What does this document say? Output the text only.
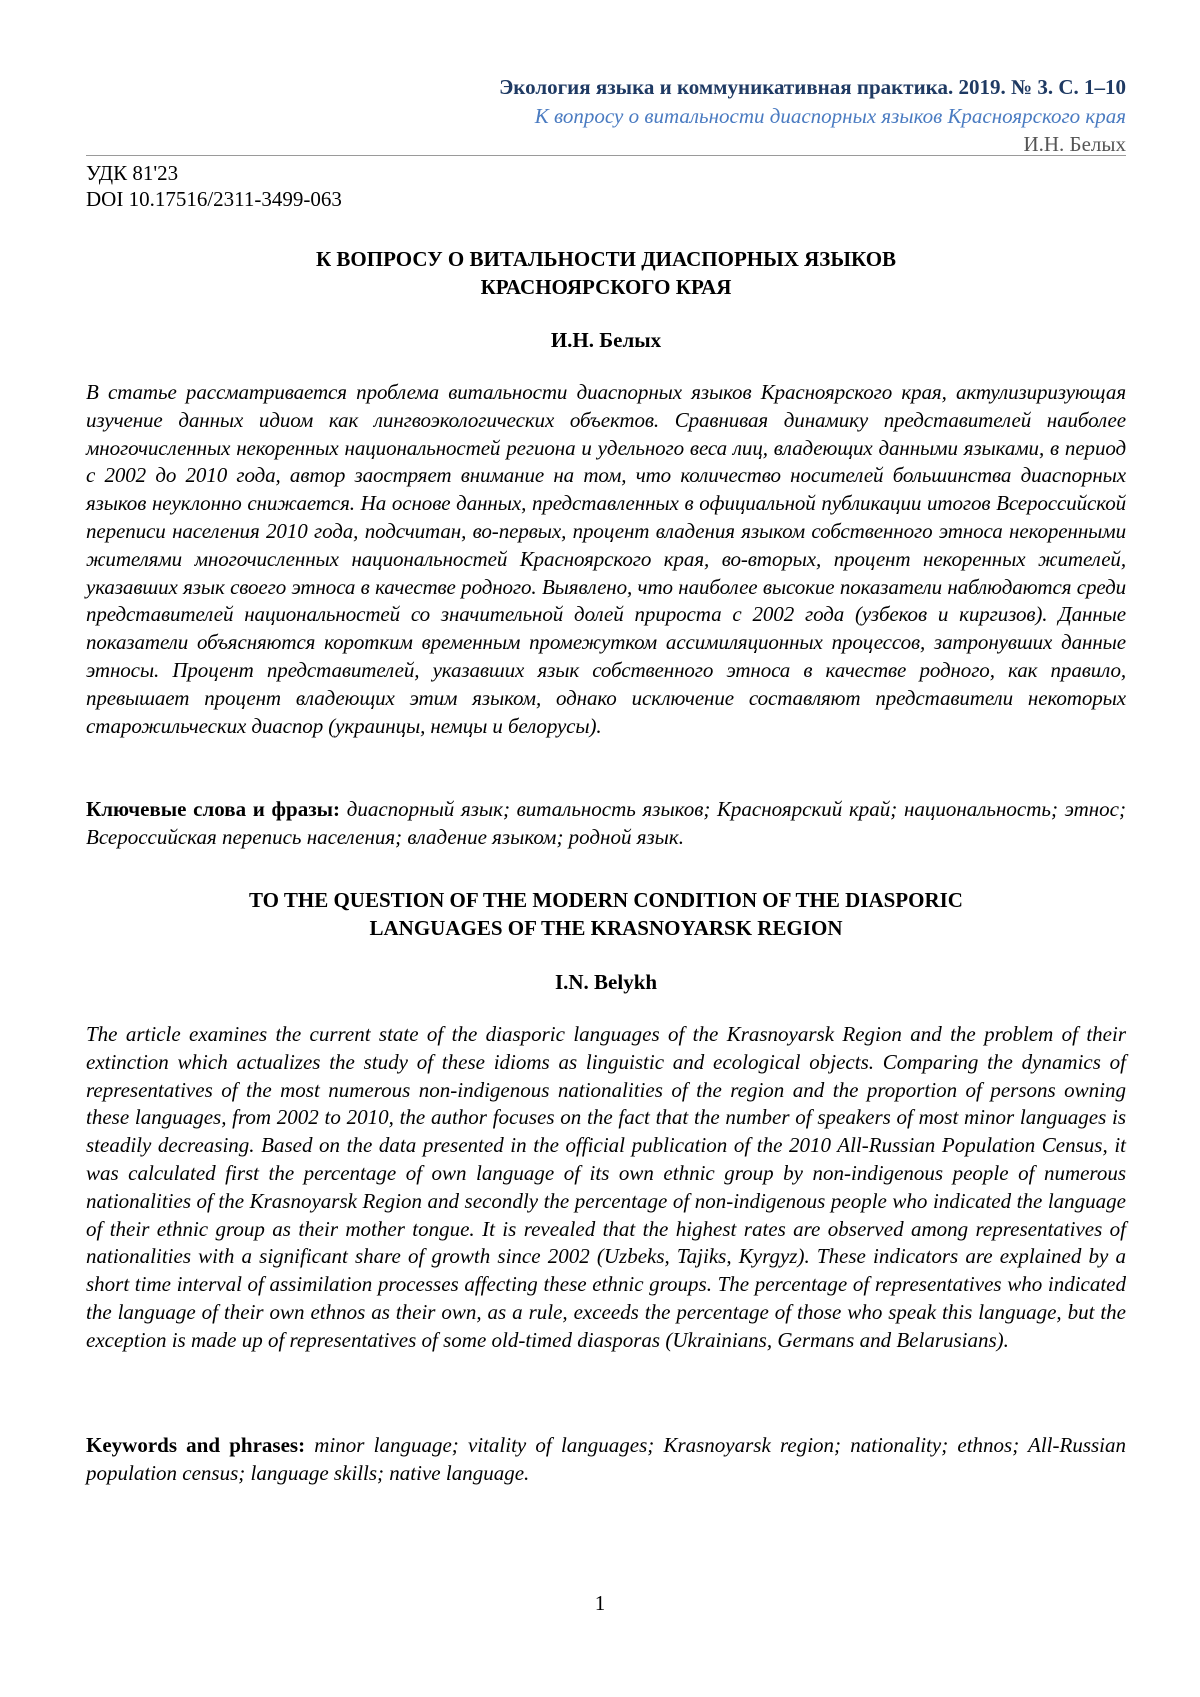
Экология языка и коммуникативная практика. 2019. № 3. С. 1–10
К вопросу о витальности диаспорных языков Красноярского края
И.Н. Белых
УДК 81'23
DOI 10.17516/2311-3499-063
К ВОПРОСУ О ВИТАЛЬНОСТИ ДИАСПОРНЫХ ЯЗЫКОВ
КРАСНОЯРСКОГО КРАЯ
И.Н. Белых

В статье рассматривается проблема витальности диаспорных языков Красноярского края, актулизиризующая изучение данных идиом как лингвоэкологических объектов. Сравнивая динамику представителей наиболее многочисленных некоренных национальностей региона и удельного веса лиц, владеющих данными языками, в период с 2002 до 2010 года, автор заостряет внимание на том, что количество носителей большинства диаспорных языков неуклонно снижается. На основе данных, представленных в официальной публикации итогов Всероссийской переписи населения 2010 года, подсчитан, во-первых, процент владения языком собственного этноса некоренными жителями многочисленных национальностей Красноярского края, во-вторых, процент некоренных жителей, указавших язык своего этноса в качестве родного. Выявлено, что наиболее высокие показатели наблюдаются среди представителей национальностей со значительной долей прироста с 2002 года (узбеков и киргизов). Данные показатели объясняются коротким временным промежутком ассимиляционных процессов, затронувших данные этносы. Процент представителей, указавших язык собственного этноса в качестве родного, как правило, превышает процент владеющих этим языком, однако исключение составляют представители некоторых старожильческих диаспор (украинцы, немцы и белорусы).

Ключевые слова и фразы: диаспорный язык; витальность языков; Красноярский край; национальность; этнос; Всероссийская перепись населения; владение языком; родной язык.

TO THE QUESTION OF THE MODERN CONDITION OF THE DIASPORIC
LANGUAGES OF THE KRASNOYARSK REGION
I.N. Belykh

The article examines the current state of the diasporic languages of the Krasnoyarsk Region and the problem of their extinction which actualizes the study of these idioms as linguistic and ecological objects. Comparing the dynamics of representatives of the most numerous non-indigenous nationalities of the region and the proportion of persons owning these languages, from 2002 to 2010, the author focuses on the fact that the number of speakers of most minor languages is steadily decreasing. Based on the data presented in the official publication of the 2010 All-Russian Population Census, it was calculated first the percentage of own language of its own ethnic group by non-indigenous people of numerous nationalities of the Krasnoyarsk Region and secondly the percentage of non-indigenous people who indicated the language of their ethnic group as their mother tongue. It is revealed that the highest rates are observed among representatives of nationalities with a significant share of growth since 2002 (Uzbeks, Tajiks, Kyrgyz). These indicators are explained by a short time interval of assimilation processes affecting these ethnic groups. The percentage of representatives who indicated the language of their own ethnos as their own, as a rule, exceeds the percentage of those who speak this language, but the exception is made up of representatives of some old-timed diasporas (Ukrainians, Germans and Belarusians).

Keywords and phrases: minor language; vitality of languages; Krasnoyarsk region; nationality; ethnos; All-Russian population census; language skills; native language.

1
